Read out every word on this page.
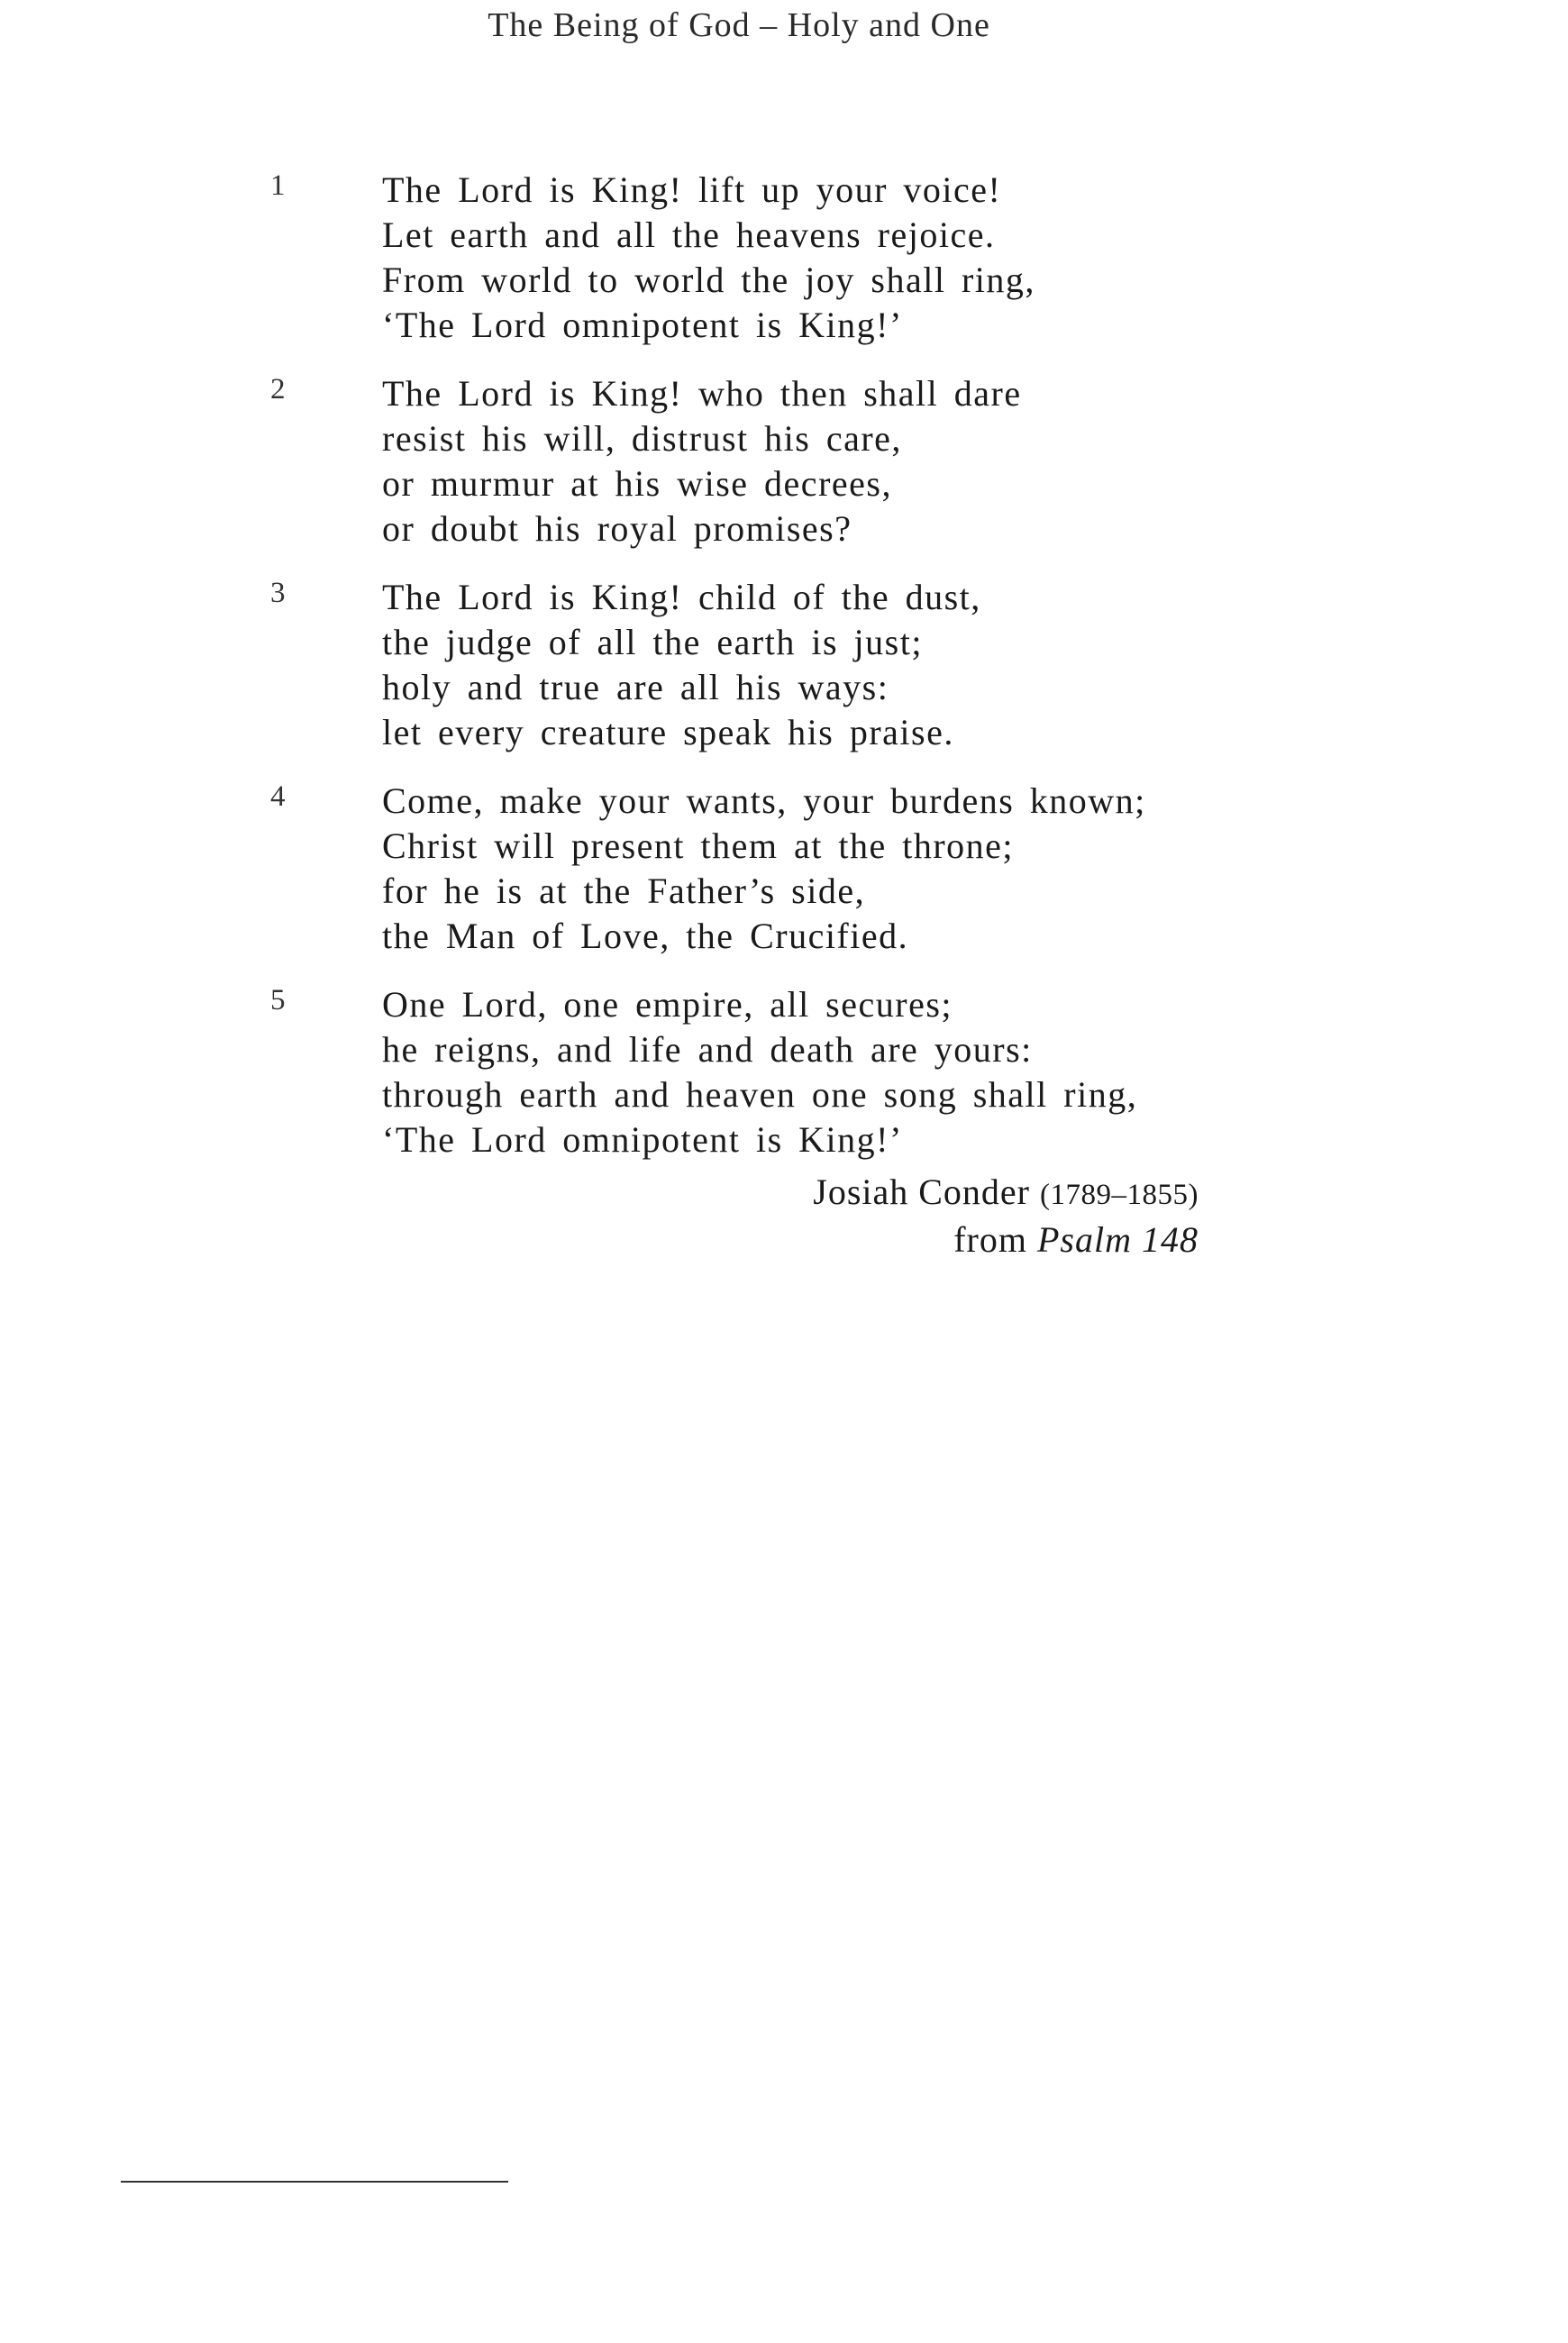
The Being of God – Holy and One
1	The Lord is King! lift up your voice!
Let earth and all the heavens rejoice.
From world to world the joy shall ring,
‘The Lord omnipotent is King!’
2	The Lord is King! who then shall dare
resist his will, distrust his care,
or murmur at his wise decrees,
or doubt his royal promises?
3	The Lord is King! child of the dust,
the judge of all the earth is just;
holy and true are all his ways:
let every creature speak his praise.
4	Come, make your wants, your burdens known;
Christ will present them at the throne;
for he is at the Father’s side,
the Man of Love, the Crucified.
5	One Lord, one empire, all secures;
he reigns, and life and death are yours:
through earth and heaven one song shall ring,
‘The Lord omnipotent is King!’
Josiah Conder (1789–1855)
from Psalm 148
